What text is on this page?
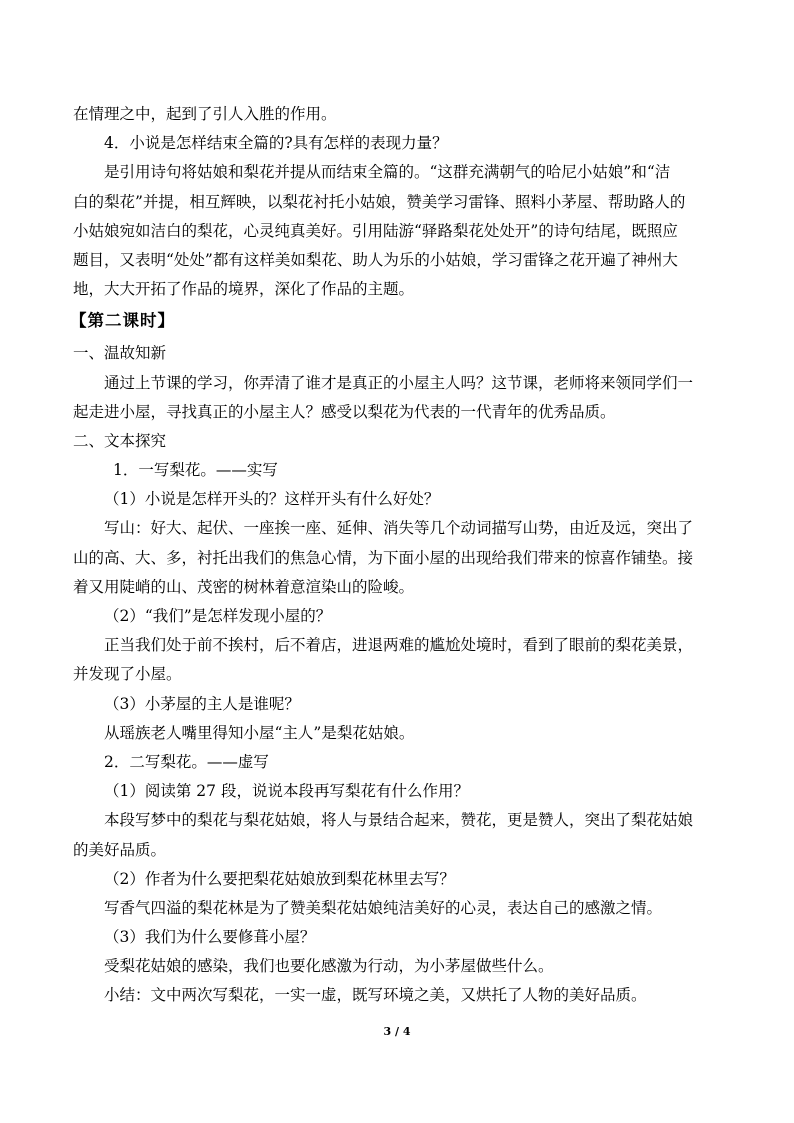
在情理之中，起到了引人入胜的作用。
4．小说是怎样结束全篇的?具有怎样的表现力量？
是引用诗句将姑娘和梨花并提从而结束全篇的。“这群充满朝气的哈尼小姑娘”和“洁
白的梨花”并提，相互辉映，以梨花衬托小姑娘，赞美学习雷锋、照料小茅屋、帮助路人的
小姑娘宛如洁白的梨花，心灵纯真美好。引用陆游“驿路梨花处处开”的诗句结尾，既照应
题目，又表明“处处”都有这样美如梨花、助人为乐的小姑娘，学习雷锋之花开遍了神州大
地，大大开拓了作品的境界，深化了作品的主题。
【第二课时】
一、温故知新
通过上节课的学习，你弄清了谁才是真正的小屋主人吗？这节课，老师将来领同学们一
起走进小屋，寻找真正的小屋主人？感受以梨花为代表的一代青年的优秀品质。
二、文本探究
1．一写梨花。——实写
（1）小说是怎样开头的？这样开头有什么好处？
写山：好大、起伏、一座挨一座、延伸、消失等几个动词描写山势，由近及远，突出了
山的高、大、多，衬托出我们的焦急心情，为下面小屋的出现给我们带来的惊喜作铺垫。接
着又用陡峭的山、茂密的树林着意渲染山的险峻。
（2）“我们”是怎样发现小屋的？
正当我们处于前不挨村，后不着店，进退两难的尴尬处境时，看到了眼前的梨花美景，
并发现了小屋。
（3）小茅屋的主人是谁呢？
从瑶族老人嘴里得知小屋“主人”是梨花姑娘。
2．二写梨花。——虚写
（1）阅读第 27 段，说说本段再写梨花有什么作用？
本段写梦中的梨花与梨花姑娘，将人与景结合起来，赞花，更是赞人，突出了梨花姑娘
的美好品质。
（2）作者为什么要把梨花姑娘放到梨花林里去写？
写香气四溢的梨花林是为了赞美梨花姑娘纯洁美好的心灵，表达自己的感激之情。
（3）我们为什么要修葺小屋？
受梨花姑娘的感染，我们也要化感激为行动，为小茅屋做些什么。
小结：文中两次写梨花，一实一虚，既写环境之美，又烘托了人物的美好品质。
3 / 4
